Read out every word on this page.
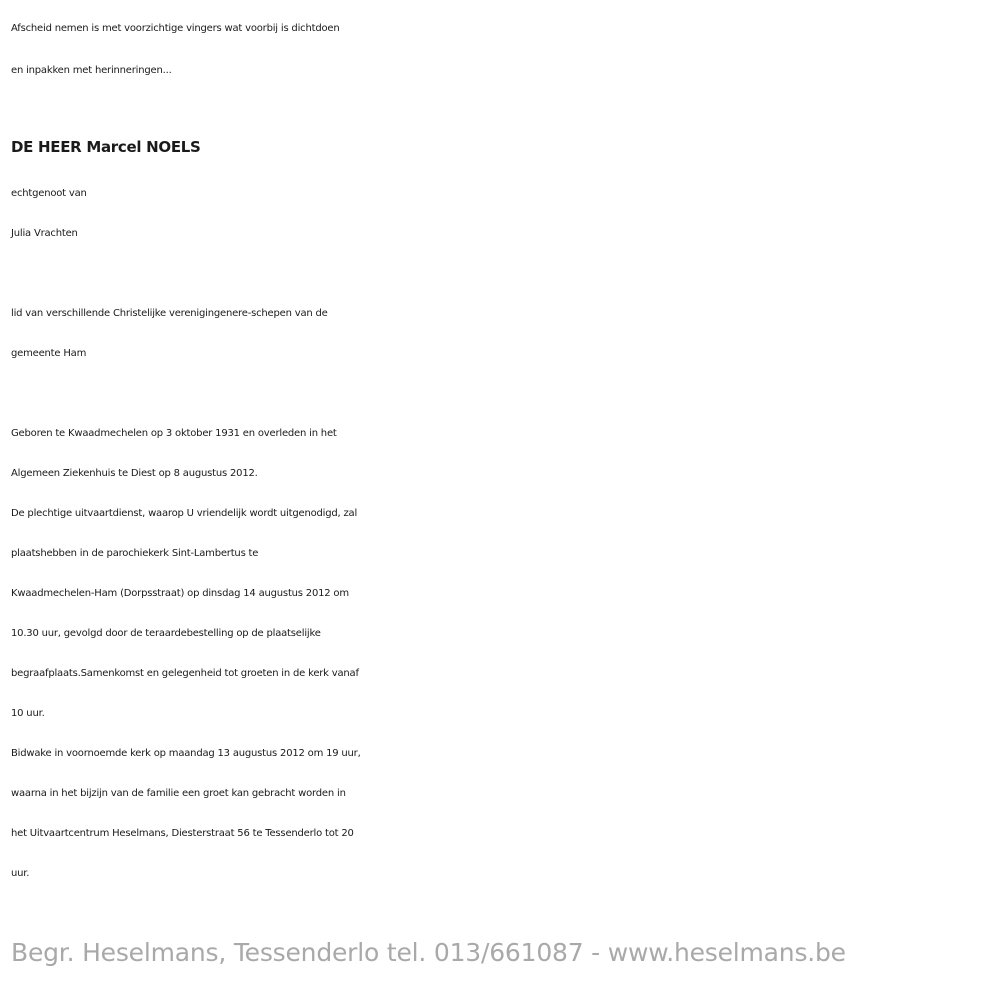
Afscheid nemen is met voorzichtige vingers wat voorbij is dichtdoen
en inpakken met herinneringen...
DE HEER Marcel NOELS
echtgenoot van
Julia Vrachten
lid van verschillende Christelijke verenigingenere-schepen van de
gemeente Ham
Geboren te Kwaadmechelen op 3 oktober 1931 en overleden in het
Algemeen Ziekenhuis te Diest op 8 augustus 2012.
De plechtige uitvaartdienst, waarop U vriendelijk wordt uitgenodigd, zal
plaatshebben in de parochiekerk Sint-Lambertus te
Kwaadmechelen-Ham (Dorpsstraat) op dinsdag 14 augustus 2012 om
10.30 uur, gevolgd door de teraardebestelling op de plaatselijke
begraafplaats.Samenkomst en gelegenheid tot groeten in de kerk vanaf
10 uur.
Bidwake in voornoemde kerk op maandag 13 augustus 2012 om 19 uur,
waarna in het bijzijn van de familie een groet kan gebracht worden in
het Uitvaartcentrum Heselmans, Diesterstraat 56 te Tessenderlo tot 20
uur.
Begr. Heselmans, Tessenderlo tel. 013/661087 - www.heselmans.be
